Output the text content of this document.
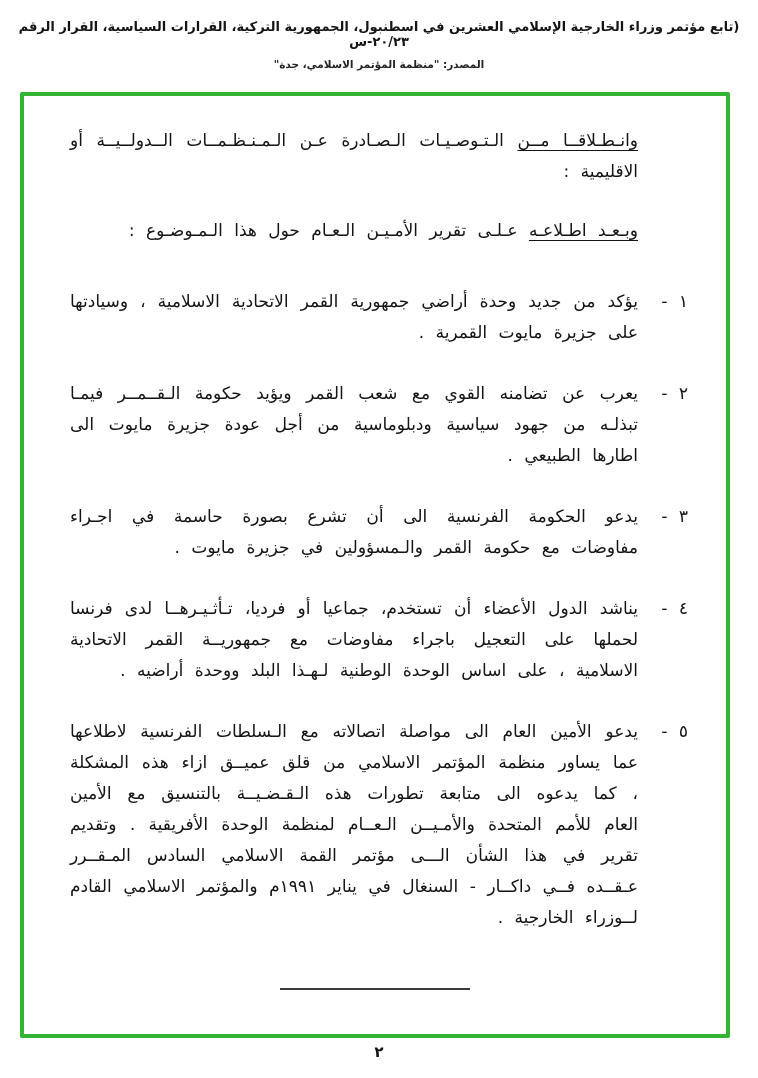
(تابع مؤتمر وزراء الخارجية الإسلامي العشرين في اسطنبول، الجمهورية التركية، القرارات السياسية، القرار الرقم ٢٠/٢٣-س
المصدر: "منظمة المؤتمر الاسلامي، جدة"

وانـطـلاقــا مــن الـتـوصـيـات الـصـادرة عـن الـمـنـظـمــات الــدولــيــة أو الاقليمية :

وبـعـد اطـلاعـه عـلـى تقرير الأمـيـن الـعـام حول هذا الـمـوضـوع :

١ -
يؤكد من جديد وحدة أراضي جمهورية القمر الاتحادية الاسلامية ، وسيادتها على جزيرة مايوت القمرية .
٢ -
يعرب عن تضامنه القوي مع شعب القمر ويؤيد حكومة الـقــمــر فيمـا تبذلـه من جهود سياسية ودبلوماسية من أجل عودة جزيرة مايوت الى اطارها الطبيعي .
٣ -
يدعو الحكومة الفرنسية الى أن تشرع بصورة حاسمة في اجـراء مفاوضات مع حكومة القمر والـمسؤولين في جزيرة مايوت .
٤ -
يناشد الدول الأعضاء أن تستخدم، جماعيا أو فرديا، تـأثـيـرهــا لدى فرنسا لحملها على التعجيل باجراء مفاوضات مع جمهوريــة القمر الاتحادية الاسلامية ، على اساس الوحدة الوطنية لـهـذا البلد ووحدة أراضيه .
٥ -
يدعو الأمين العام الى مواصلة اتصالاته مع الـسلطات الفرنسية لاطلاعها عما يساور منظمة المؤتمر الاسلامي من قلق عميــق ازاء هذه المشكلة ، كما يدعوه الى متابعة تطورات هذه الـقـضـيــة بالتنسيق مع الأمين العام للأمم المتحدة والأمـيــن الـعــام لمنظمة الوحدة الأفريقية . وتقديم تقرير في هذا الشأن الـــى مؤتمر القمة الاسلامي السادس المـقــرر عـقــده فــي داكــار - السنغال في يناير ١٩٩١م والمؤتمر الاسلامي القادم لــوزراء الخارجية .
٢
